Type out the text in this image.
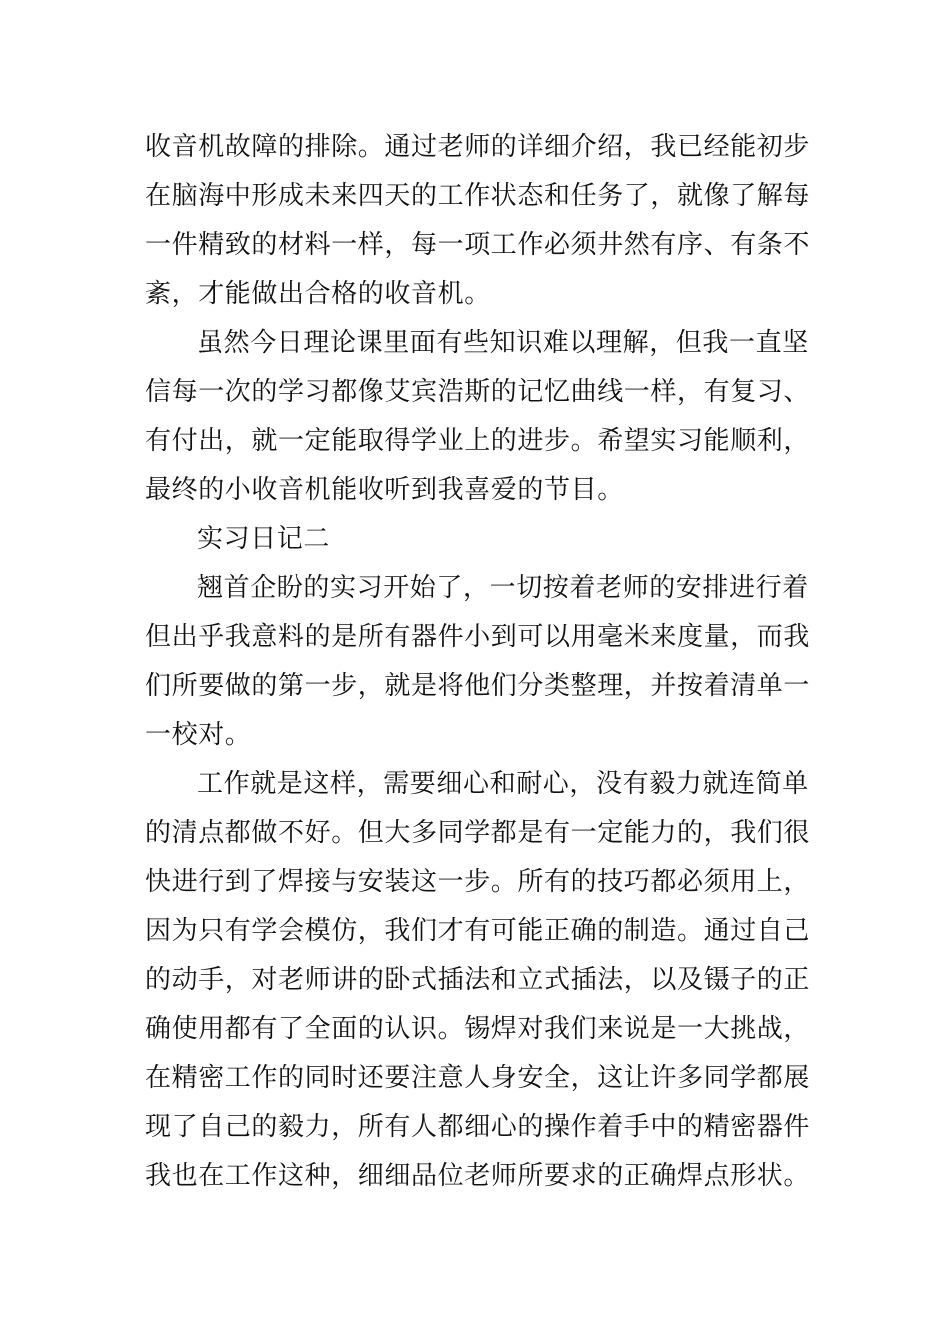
收音机故障的排除。通过老师的详细介绍，我已经能初步
在脑海中形成未来四天的工作状态和任务了，就像了解每
一件精致的材料一样，每一项工作必须井然有序、有条不
紊，才能做出合格的收音机。
虽然今日理论课里面有些知识难以理解，但我一直坚
信每一次的学习都像艾宾浩斯的记忆曲线一样，有复习、
有付出，就一定能取得学业上的进步。希望实习能顺利，
最终的小收音机能收听到我喜爱的节目。
实习日记二
翘首企盼的实习开始了，一切按着老师的安排进行着
但出乎我意料的是所有器件小到可以用毫米来度量，而我
们所要做的第一步，就是将他们分类整理，并按着清单一
一校对。
工作就是这样，需要细心和耐心，没有毅力就连简单
的清点都做不好。但大多同学都是有一定能力的，我们很
快进行到了焊接与安装这一步。所有的技巧都必须用上，
因为只有学会模仿，我们才有可能正确的制造。通过自己
的动手，对老师讲的卧式插法和立式插法，以及镊子的正
确使用都有了全面的认识。锡焊对我们来说是一大挑战，
在精密工作的同时还要注意人身安全，这让许多同学都展
现了自己的毅力，所有人都细心的操作着手中的精密器件
我也在工作这种，细细品位老师所要求的正确焊点形状。
